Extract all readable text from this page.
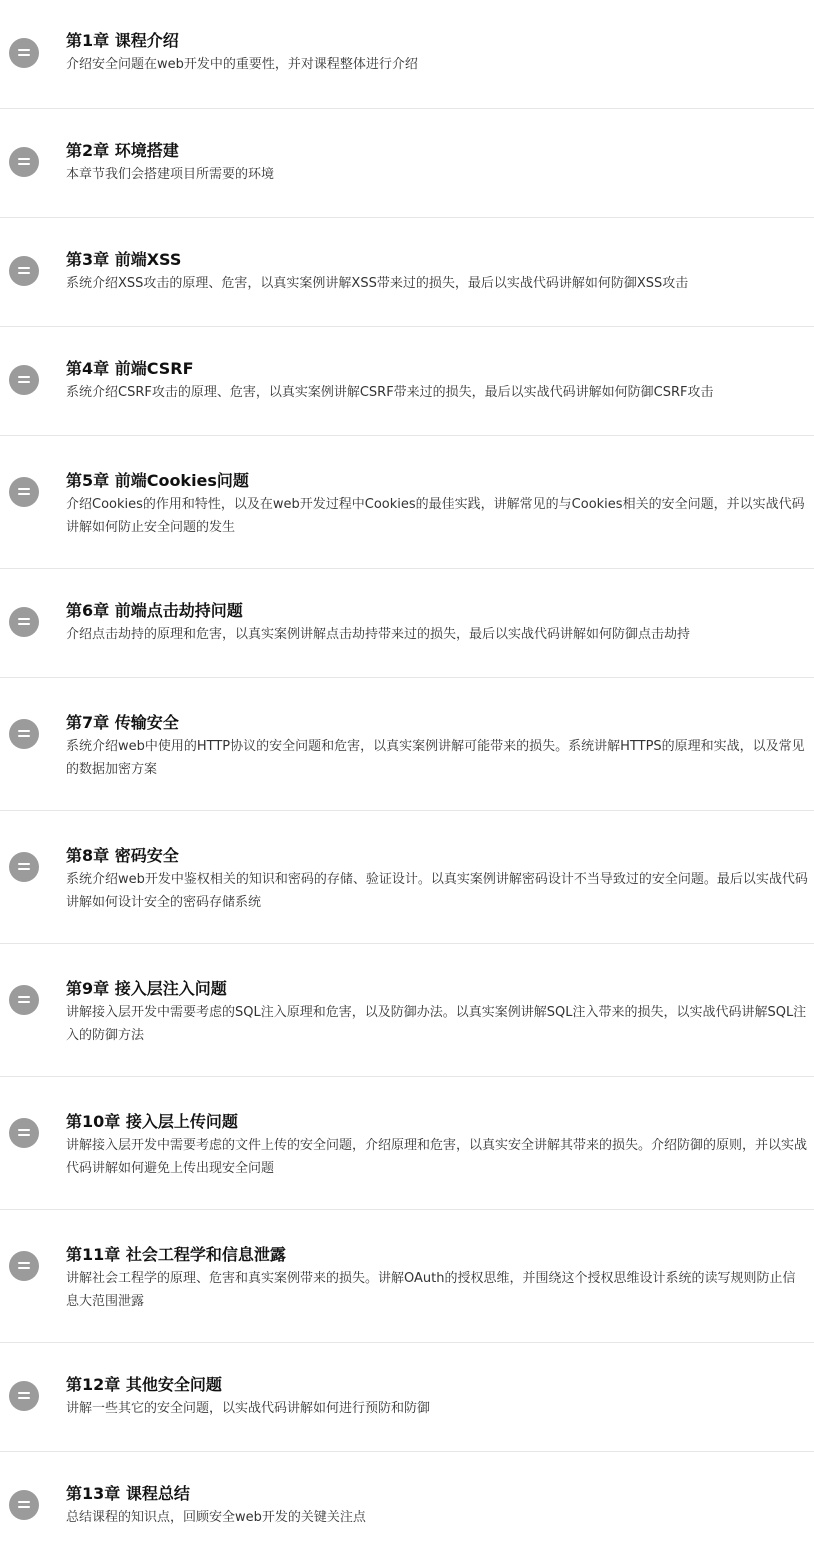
第1章 课程介绍
介绍安全问题在web开发中的重要性，并对课程整体进行介绍
第2章 环境搭建
本章节我们会搭建项目所需要的环境
第3章 前端XSS
系统介绍XSS攻击的原理、危害，以真实案例讲解XSS带来过的损失，最后以实战代码讲解如何防御XSS攻击
第4章 前端CSRF
系统介绍CSRF攻击的原理、危害，以真实案例讲解CSRF带来过的损失，最后以实战代码讲解如何防御CSRF攻击
第5章 前端Cookies问题
介绍Cookies的作用和特性，以及在web开发过程中Cookies的最佳实践，讲解常见的与Cookies相关的安全问题，并以实战代码讲解如何防止安全问题的发生
第6章 前端点击劫持问题
介绍点击劫持的原理和危害，以真实案例讲解点击劫持带来过的损失，最后以实战代码讲解如何防御点击劫持
第7章 传输安全
系统介绍web中使用的HTTP协议的安全问题和危害，以真实案例讲解可能带来的损失。系统讲解HTTPS的原理和实战，以及常见的数据加密方案
第8章 密码安全
系统介绍web开发中鉴权相关的知识和密码的存储、验证设计。以真实案例讲解密码设计不当导致过的安全问题。最后以实战代码讲解如何设计安全的密码存储系统
第9章 接入层注入问题
讲解接入层开发中需要考虑的SQL注入原理和危害，以及防御办法。以真实案例讲解SQL注入带来的损失，以实战代码讲解SQL注入的防御方法
第10章 接入层上传问题
讲解接入层开发中需要考虑的文件上传的安全问题，介绍原理和危害，以真实安全讲解其带来的损失。介绍防御的原则，并以实战代码讲解如何避免上传出现安全问题
第11章 社会工程学和信息泄露
讲解社会工程学的原理、危害和真实案例带来的损失。讲解OAuth的授权思维，并围绕这个授权思维设计系统的读写规则防止信息大范围泄露
第12章 其他安全问题
讲解一些其它的安全问题，以实战代码讲解如何进行预防和防御
第13章 课程总结
总结课程的知识点，回顾安全web开发的关键关注点
